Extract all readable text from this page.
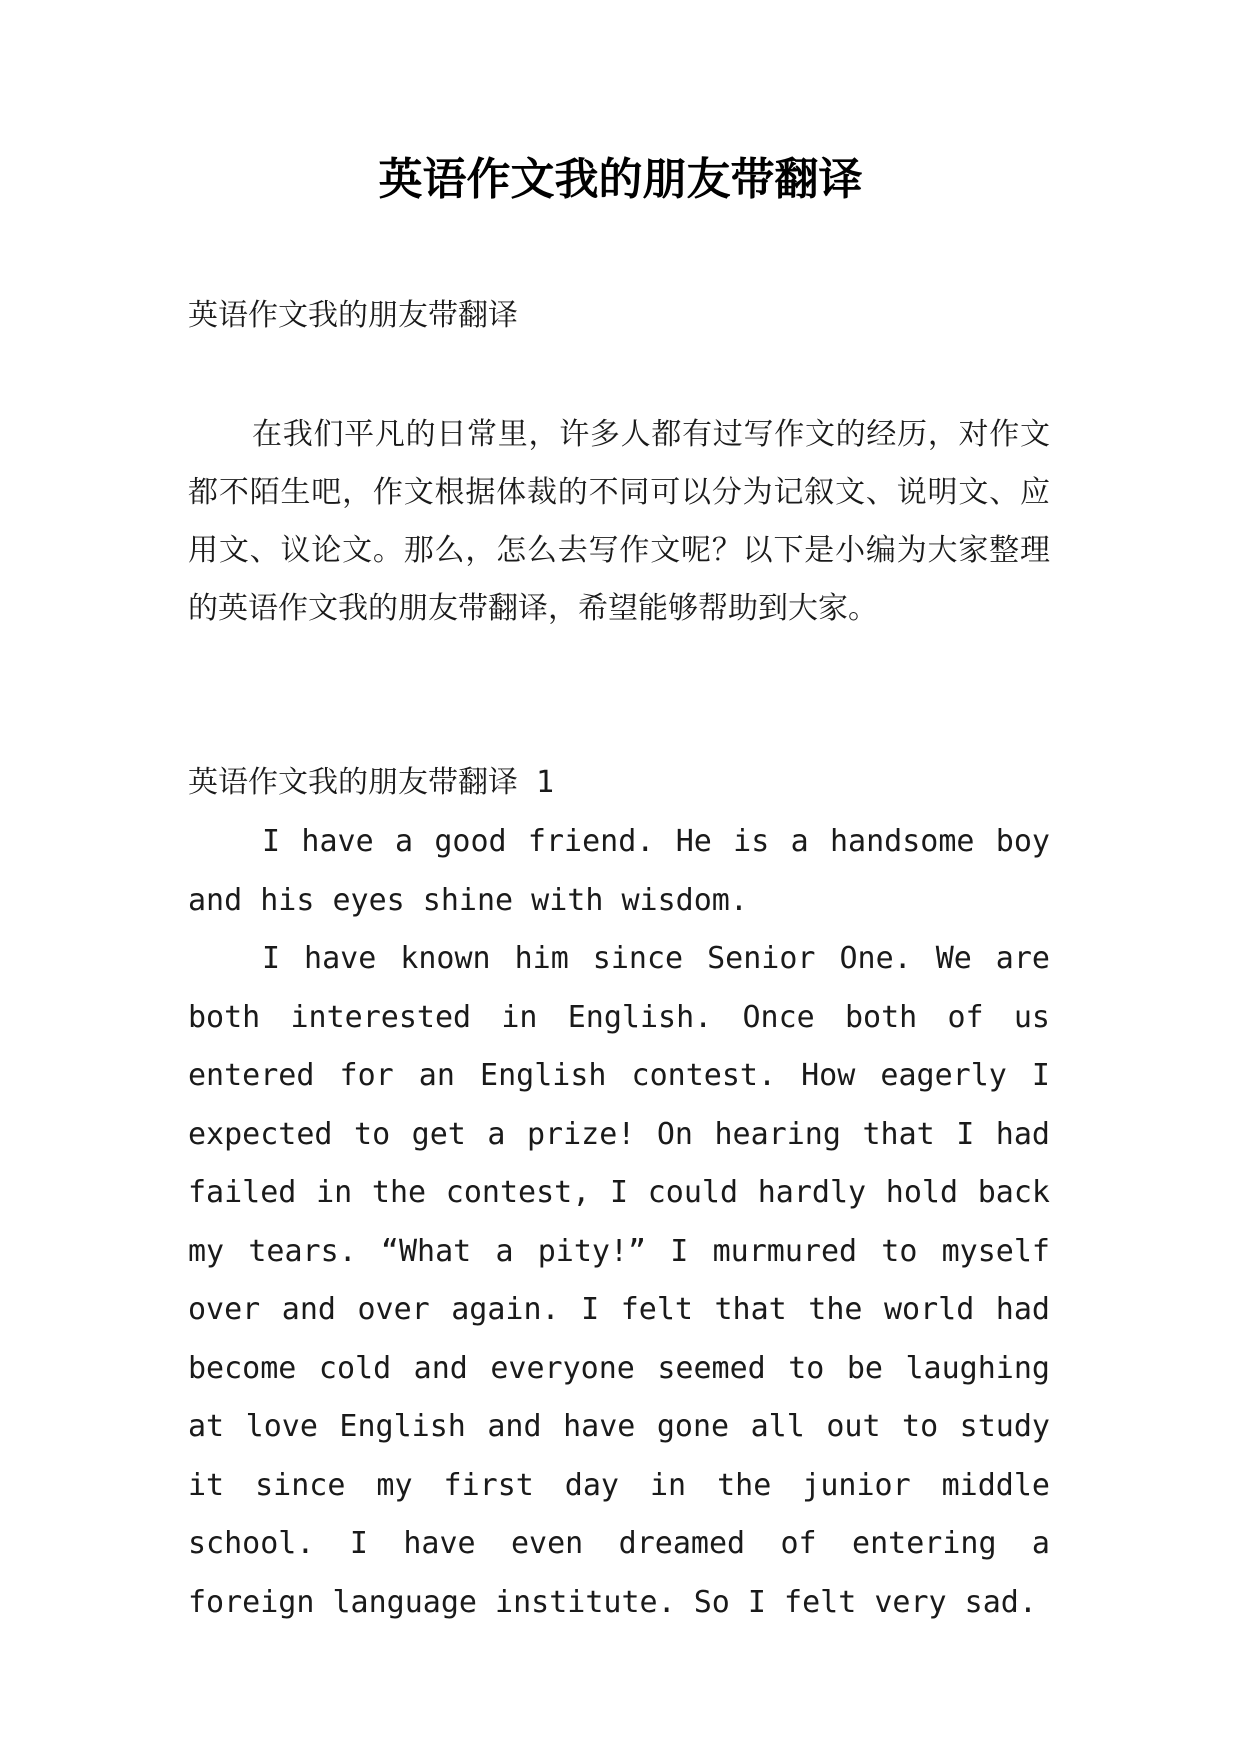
英语作文我的朋友带翻译

英语作文我的朋友带翻译

在我们平凡的日常里，许多人都有过写作文的经历，对作文都不陌生吧，作文根据体裁的不同可以分为记叙文、说明文、应用文、议论文。那么，怎么去写作文呢？以下是小编为大家整理的英语作文我的朋友带翻译，希望能够帮助到大家。

英语作文我的朋友带翻译 1

I have a good friend. He is a handsome boy and his eyes shine with wisdom.

I have known him since Senior One. We are both interested in English. Once both of us entered for an English contest. How eagerly I expected to get a prize! On hearing that I had failed in the contest, I could hardly hold back my tears. “What a pity!” I murmured to myself over and over again. I felt that the world had become cold and everyone seemed to be laughing at love English and have gone all out to study it since my first day in the junior middle school. I have even dreamed of entering a foreign language institute. So I felt very sad.
